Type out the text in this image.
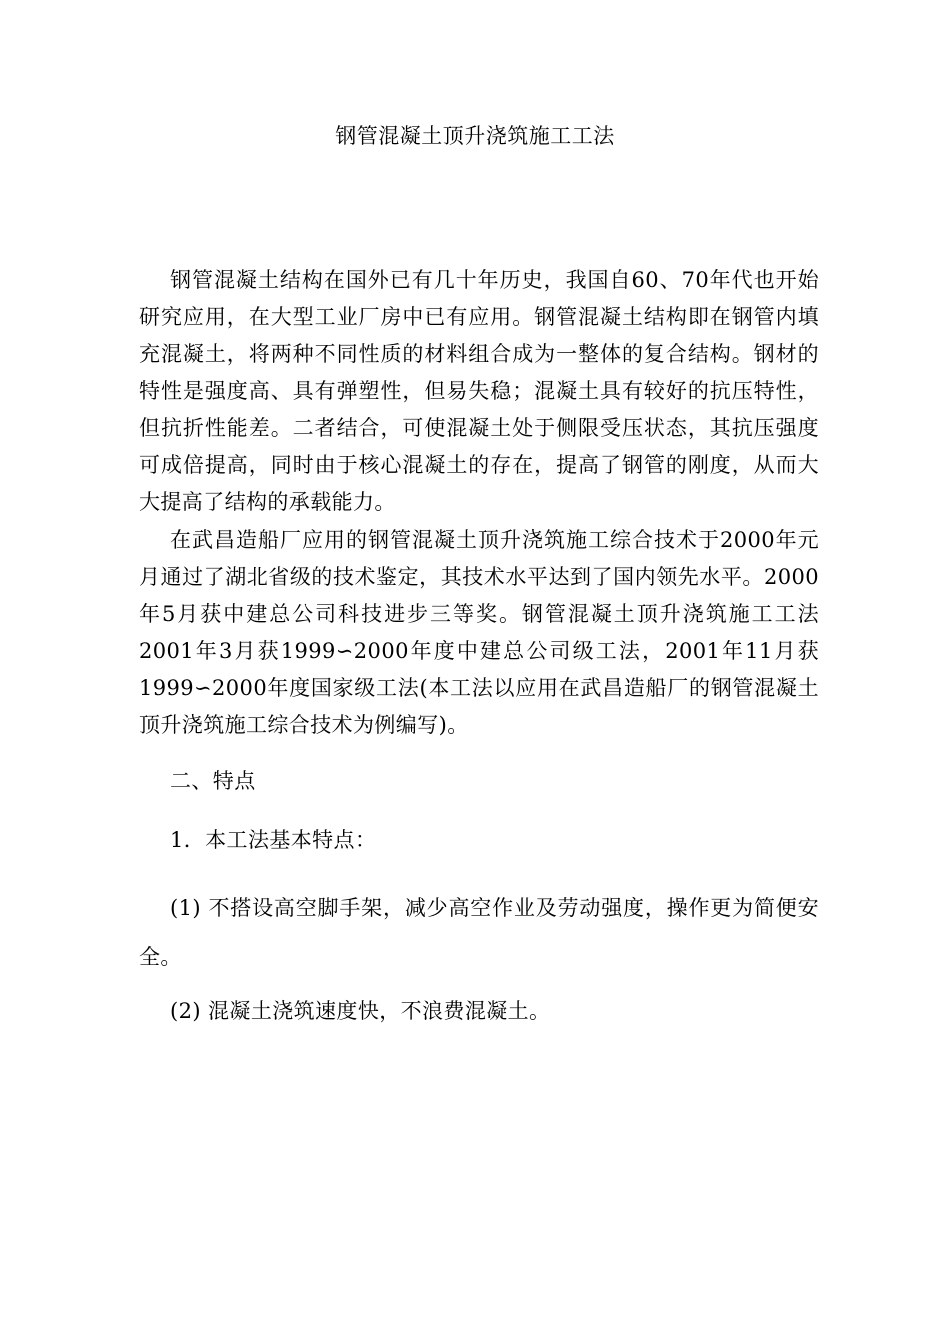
钢管混凝土顶升浇筑施工工法

钢管混凝土结构在国外已有几十年历史，我国自60、70年代也开始研究应用，在大型工业厂房中已有应用。钢管混凝土结构即在钢管内填充混凝土，将两种不同性质的材料组合成为一整体的复合结构。钢材的特性是强度高、具有弹塑性，但易失稳；混凝土具有较好的抗压特性，但抗折性能差。二者结合，可使混凝土处于侧限受压状态，其抗压强度可成倍提高，同时由于核心混凝土的存在，提高了钢管的刚度，从而大大提高了结构的承载能力。

在武昌造船厂应用的钢管混凝土顶升浇筑施工综合技术于2000年元月通过了湖北省级的技术鉴定，其技术水平达到了国内领先水平。2000年5月获中建总公司科技进步三等奖。钢管混凝土顶升浇筑施工工法2001年3月获1999∽2000年度中建总公司级工法，2001年11月获1999∽2000年度国家级工法(本工法以应用在武昌造船厂的钢管混凝土顶升浇筑施工综合技术为例编写)。

二、特点

1．本工法基本特点：

(1) 不搭设高空脚手架，减少高空作业及劳动强度，操作更为简便安全。

(2) 混凝土浇筑速度快，不浪费混凝土。
